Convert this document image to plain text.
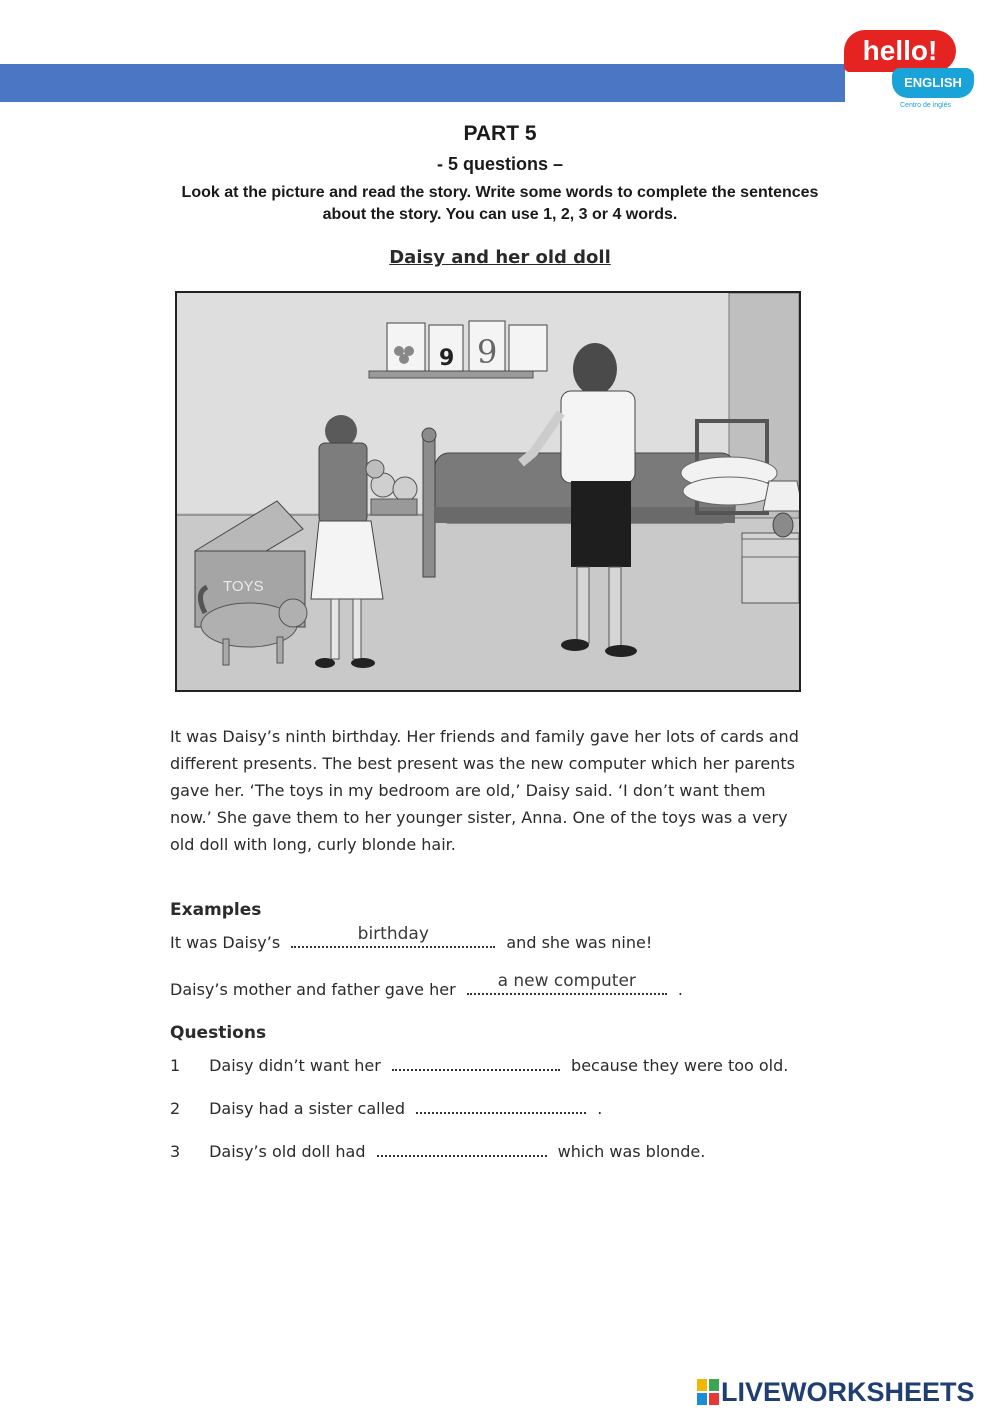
hello!
ENGLISH
Centro de inglés
PART 5
- 5 questions –
Look at the picture and read the story. Write some words to complete the sentences about the story. You can use 1, 2, 3 or 4 words.
Daisy and her old doll
9 9
TOYS
It was Daisy’s ninth birthday. Her friends and family gave her lots of cards and different presents. The best present was the new computer which her parents gave her. ‘The toys in my bedroom are old,’ Daisy said. ‘I don’t want them now.’ She gave them to her younger sister, Anna. One of the toys was a very old doll with long, curly blonde hair.
Examples
It was Daisy’s	birthday	and she was nine!
Daisy’s mother and father gave her	a new computer	.
Questions
1 Daisy didn’t want her	because they were too old.
2 Daisy had a sister called	.
3 Daisy’s old doll had	which was blonde.
LIVEWORKSHEETS
